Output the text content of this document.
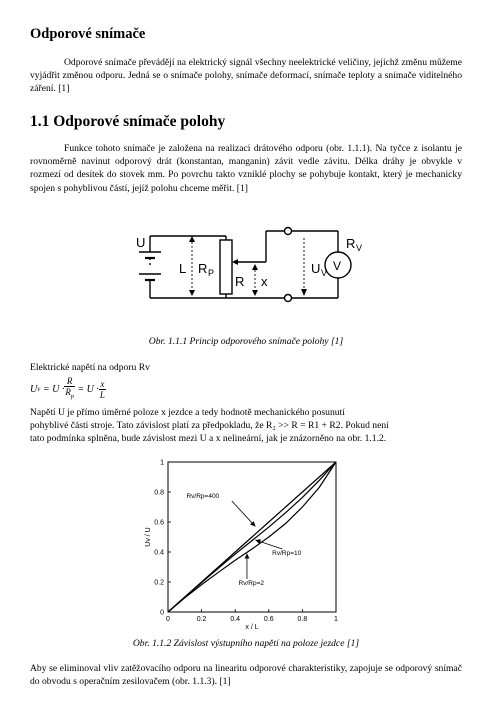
Odporové snímače

Odporové snímače převádějí na elektrický signál všechny neelektrické veličiny, jejichž změnu můžeme vyjádřit změnou odporu. Jedná se o snímače polohy, snímače deformací, snímače teploty a snímače viditelného záření. [1]

1.1 Odporové snímače polohy

Funkce tohoto snímače je založena na realizaci drátového odporu (obr. 1.1.1). Na tyčce z isolantu je rovnoměrně navinut odporový drát (konstantan, manganin) závit vedle závitu. Délka dráhy je obvykle v rozmezí od desítek do stovek mm. Po povrchu takto vzniklé plochy se pohybuje kontakt, který je mechanicky spojen s pohyblivou částí, jejíž polohu chceme měřit. [1]

U
L R P
R x
U V
R V
V

Obr. 1.1.1 Princip odporového snímače polohy [1]

Elektrické napětí na odporu Rv

U $v = U \cdot \frac{R}{R_p} = U \cdot \frac{x}{L}$

Napětí U je přímo úměrné poloze x jezdce a tedy hodnotě mechanického posunutí

pohyblivé části stroje. Tato závislost platí za předpokladu, že R₂ >> R = R1 + R2. Pokud není

tato podmínka splněna, bude závislost mezi U a x nelineární, jak je znázorněno na obr. 1.1.2.

0	0.2	0.4	0.6	0.8	1
0
0.2
0.4
0.6
0.8
1
x / L
Uv / U
Rv/Rp=400
Rv/Rp=10
Rv/Rp=2

Obr. 1.1.2 Závislost výstupního napětí na poloze jezdce [1]

Aby se eliminoval vliv zatěžovacího odporu na linearitu odporové charakteristiky, zapojuje se odporový snímač do obvodu s operačním zesilovačem (obr. 1.1.3). [1]
